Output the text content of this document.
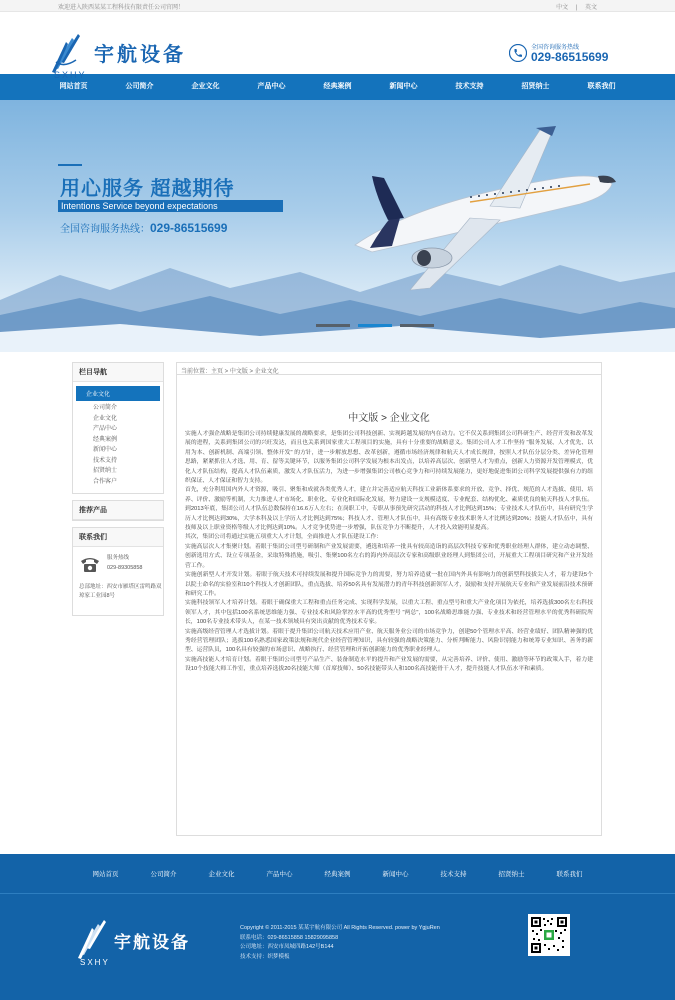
欢迎进入陕西某某工程科技有限责任公司官网！	中文 | 英文
宇航设备
SXHY
全国咨询服务热线
029-86515699
网站首页	公司简介	企业文化	产品中心	经典案例	新闻中心	技术支持	招贤纳士	联系我们
用心服务 超越期待
Intentions Service beyond expectations
全国咨询服务热线：029-86515699
栏目导航
企业文化
公司简介
企业文化
产品中心
经典案例
新闻中心
技术支持
招贤纳士
合作客户
推荐产品
联系我们
服务热线
029-89305858
总部地址：西安市雁塔区雷鸣路双琼家工业园8号
当前位置：主页 > 中文版 > 企业文化
中文版 > 企业文化

实施人才强企战略是集团公司持续健康发展的战略要求，是集团公司科技创新、实现跨越发展的内在动力。它不仅关系到集团公司科研生产、经营开发和改革发展的进程，关系到集团公司的兴旺发达，而且也关系到国家重大工程项目的实施，具有十分重要的战略意义。集团公司人才工作坚持 "服务发展、人才优先、以用为本、创新机制、高端引领、整体开发" 的方针，进一步解放思想、改革创新，遵循市场经济规律和航天人才成长规律，按照人才队伍分层分类、差异化管理思路，紧紧抓住人才选、用、育、留等关键环节，以服务集团公司科学发展为根本出发点，以培养高层次、创新型人才为重点，创新人力资源开发管理模式，优化人才队伍结构，提高人才队伍素质，激发人才队伍活力，为进一步增强集团公司核心竞争力和可持续发展能力，更好地促进集团公司科学发展提供强有力的组织保证、人才保证和智力支持。

首先，充分利用国内外人才资源，吸引、聚集和成就各类优秀人才，建立并完善适应航天科技工业新体系要求的开放、竞争、择优、规范的人才选拔、使用、培养、评价、激励等机制，大力推进人才市场化、职业化、专业化和国际化发展，努力建设一支规模适度、专业配套、结构优化、素质优良的航天科技人才队伍。到2013年底，集团公司人才队伍总数保持在16.6万人左右；在岗职工中，专职从事预先研究活动的科技人才比例达到15%；专业技术人才队伍中，具有研究生学历人才比例达到30%，大学本科及以上学历人才比例达到75%；科技人才、管理人才队伍中，具有高级专业技术职务人才比例达到20%；技能人才队伍中，具有技师及以上职业资格等级人才比例达到10%。人才竞争优势进一步增强，队伍竞争力不断提升，人才投入效能明显提高。

其次，集团公司将通过实施五项重大人才计划，全面推进人才队伍建设工作：

实施高层次人才集聚计划。着眼于集团公司型号研制和产业发展需要，遴选和培养一批具有较高造诣的高层次科技专家和优秀职业经理人群体，建立动态调整、创新选用方式、设立专项基金，采取特殊措施，吸引、集聚100名左右的海内外高层次专家和高级职业经理人到集团公司，开展重大工程项目研究和产业开发经营工作。

实施创新型人才开发计划。着眼于航天技术可持续发展和提升国际竞争力的需要，努力培养造就一批在国内外具有影响力的创新型科技拔尖人才，着力建设5个以院士命名的实验室和10个科技人才创新团队，重点选拔、培养50名具有发展潜力的青年科技创新领军人才，鼓励和支持开展航天专业和产业发展前沿技术预研和研究工作。

实施科技领军人才培养计划。着眼于确保重大工程和重点任务完成、实现科学发展，以重大工程、重点型号和重大产业化项目为依托，培养选拔300名左右科技领军人才，其中包括100名系统思维能力强、专业技术和风险掌控水平高的优秀型号 "两总"，100名战略思维能力强、专业技术和经营管理水平的优秀科研院所长，100名专业技术带头人，在某一技术领域具有突出贡献的优秀技术专家。

实施高级经营管理人才选拔计划。着眼于提升集团公司航天技术应用产业、航天服务业公司的市场竞争力，创建50个管理水平高、经营业绩好、团队精神强的优秀经营管理团队；选拔100名熟悉国家政策法规和现代企业经营管理知识，具有较强的战略决策能力、分析判断能力、风险识别能力和统筹专业知识、善务的新型、运营队员，100名具有较强的市场意识、战略执行、经营管理和开拓创新能力的优秀职业经理人。

实施高技能人才培育计划。着眼于集团公司型号产品生产、装备制造水平的提升和产业发展的需要，从完善培养、评价、使用、激励等环节的政策入手，着力建设10个技能大师工作室，重点培养选拔20名技能大师（首席技师）、50名技能带头人和100名高技能骨干人才，提升技能人才队伍水平和素质。

网站首页	公司简介	企业文化	产品中心	经典案例	新闻中心	技术支持	招贤纳士	联系我们
宇航设备
SXHY
Copyright © 2011-2015 某某宇航有限公司 All Rights Reserved. power by YgjuRen
联系电话：029-86515858 15829095858
公司地址：西安市凤城四路142号B144
技术支持：织梦模板
